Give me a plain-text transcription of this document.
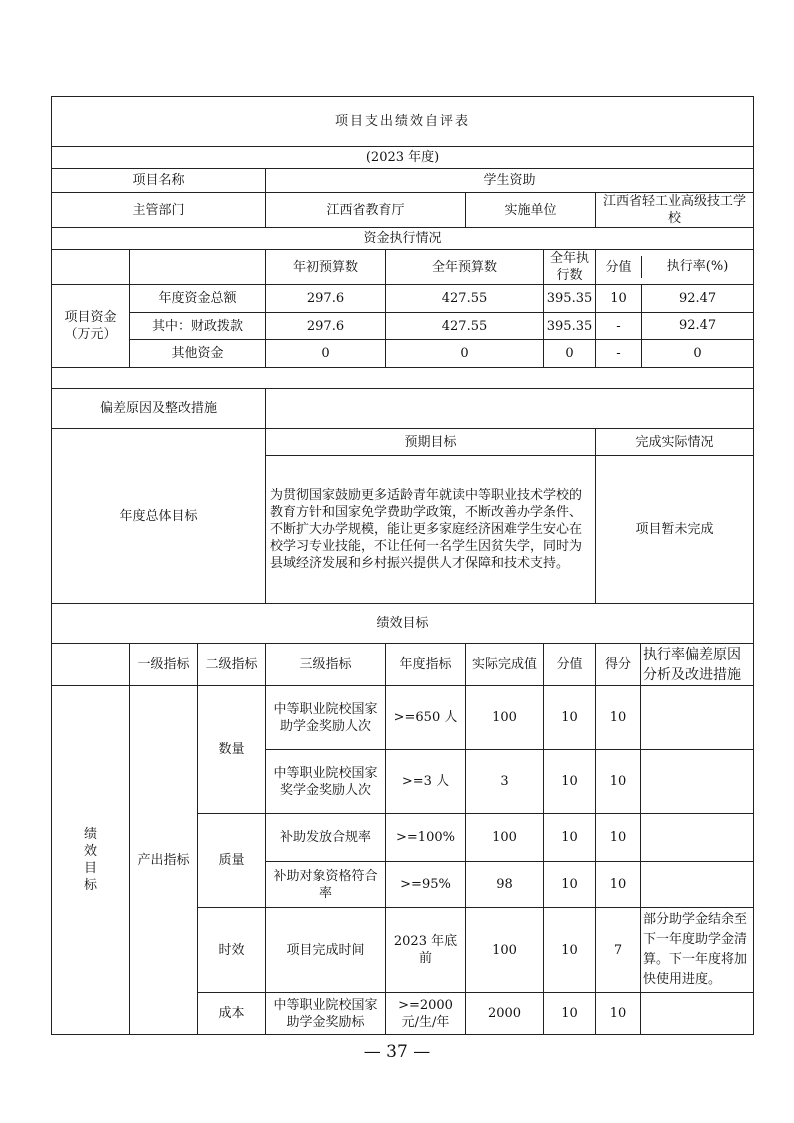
项目支出绩效自评表									
(2023 年度)									
项目名称			学生资助						
主管部门			江西省教育厅		实施单位		江西省轻工业高级技工学校		
资金执行情况									
			年初预算数	全年预算数		全年执行数	分值 执行率(%)

项目资金（万元）	年度资金总额		297.6	427.55		395.35	10 92.47

	其中：财政拨款		297.6	427.55		395.35	- 92.47

	其他资金		0	0		0	- 0

偏差原因及整改措施									
年度总体目标			预期目标				完成实际情况		
			为贯彻国家鼓励更多适龄青年就读中等职业技术学校的教育方针和国家免学费助学政策，不断改善办学条件、不断扩大办学规模，能让更多家庭经济困难学生安心在校学习专业技能，不让任何一名学生因贫失学，同时为县域经济发展和乡村振兴提供人才保障和技术支持。				项目暂未完成		
绩效目标									
	一级指标	二级指标	三级指标	年度指标	实际完成值	分值	得分	执行率偏差原因分析及改进措施	

绩效目标	产出指标	数量	中等职业院校国家助学金奖励人次	>=650 人	100	10	10		
			中等职业院校国家奖学金奖励人次	>=3 人	3	10	10		
		质量	补助发放合规率	>=100%	100	10	10		
			补助对象资格符合率	>=95%	98	10	10		
		时效	项目完成时间	2023 年底前	100	10	7	部分助学金结余至下一年度助学金清算。下一年度将加快使用进度。	
		成本	中等职业院校国家助学金奖励标	>=2000 元/生/年	2000	10	10		
— 37 —
